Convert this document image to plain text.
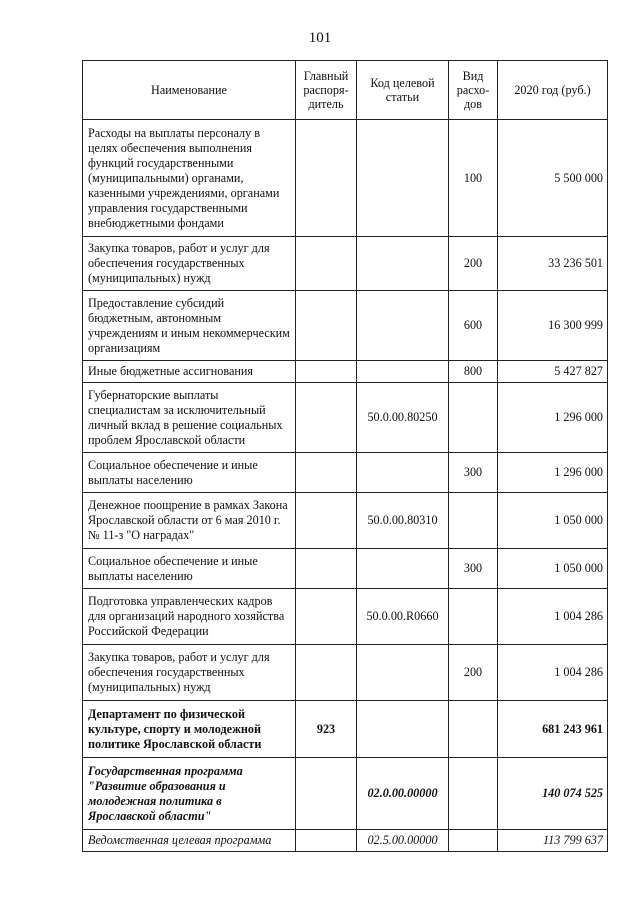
101
Наименование	Главный распоря-дитель	Код целевой статьи	Вид расхо-дов	2020 год (руб.)
Расходы на выплаты персоналу в целях обеспечения выполнения функций государственными (муниципальными) органами, казенными учреждениями, органами управления государственными внебюджетными фондами			100	5 500 000
Закупка товаров, работ и услуг для обеспечения государственных (муниципальных) нужд			200	33 236 501
Предоставление субсидий бюджетным, автономным учреждениям и иным некоммерческим организациям			600	16 300 999
Иные бюджетные ассигнования			800	5 427 827
Губернаторские выплаты специалистам за исключительный личный вклад в решение социальных проблем Ярославской области		50.0.00.80250		1 296 000
Социальное обеспечение и иные выплаты населению			300	1 296 000
Денежное поощрение в рамках Закона Ярославской области от 6 мая 2010 г. № 11-з "О наградах"		50.0.00.80310		1 050 000
Социальное обеспечение и иные выплаты населению			300	1 050 000
Подготовка управленческих кадров для организаций народного хозяйства Российской Федерации		50.0.00.R0660		1 004 286
Закупка товаров, работ и услуг для обеспечения государственных (муниципальных) нужд			200	1 004 286
Департамент по физической культуре, спорту и молодежной политике Ярославской области	923			681 243 961
Государственная программа "Развитие образования и молодежная политика в Ярославской области"		02.0.00.00000		140 074 525
Ведомственная целевая программа		02.5.00.00000		113 799 637
